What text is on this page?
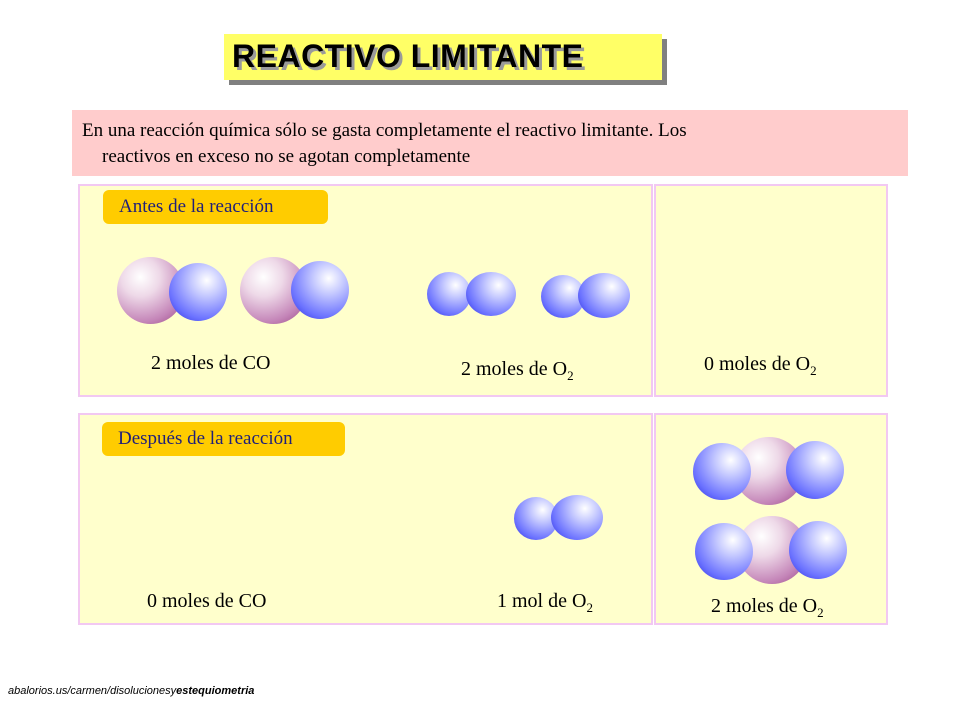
REACTIVO LIMITANTE
En una reacción química sólo se gasta completamente el reactivo limitante. Los
reactivos en exceso no se agotan completamente
Antes de la reacción
2 moles de CO	2 moles de $O_2$
0 moles de $O_2$
Después de la reacción
0 moles de CO	1 mol de $O_2$	2 moles de $O_2$
abalorios.us/carmen/disolucionesyestequiometria
